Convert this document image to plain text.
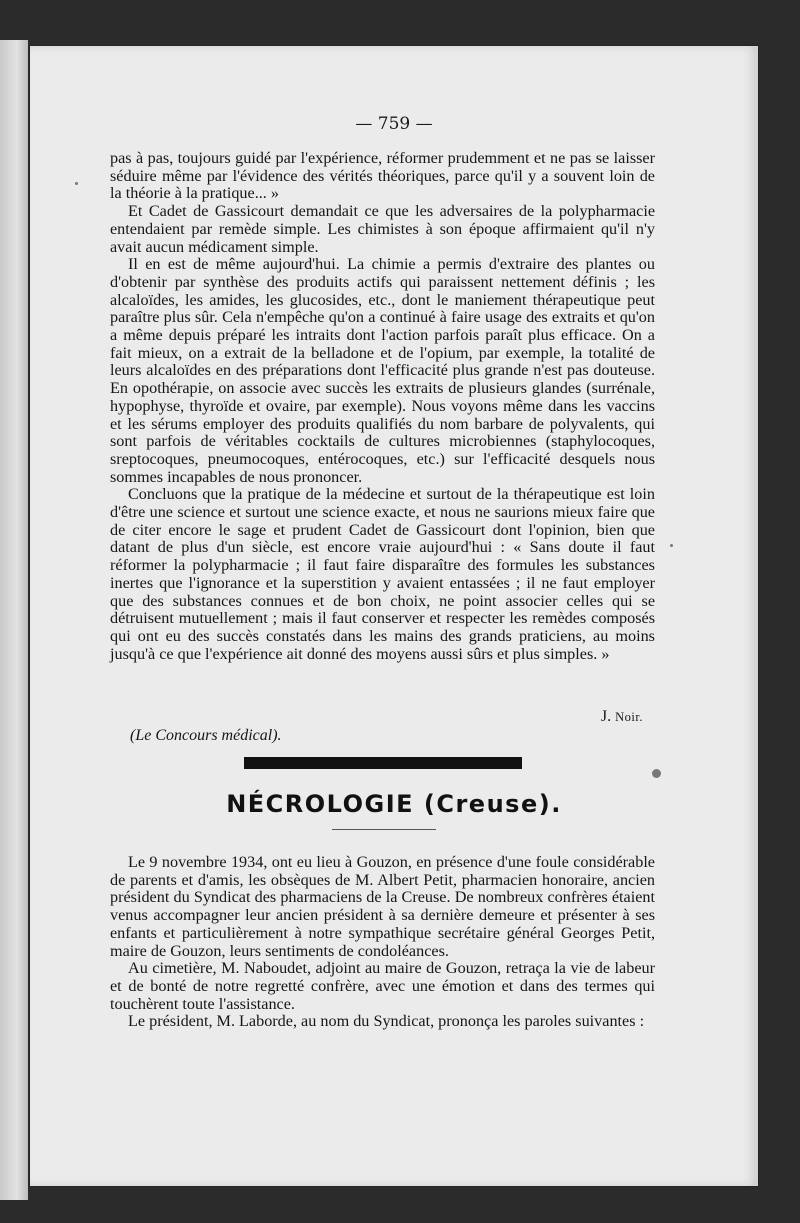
— 759 —

pas à pas, toujours guidé par l'expérience, réformer prudemment et ne pas se laisser séduire même par l'évidence des vérités théoriques, parce qu'il y a souvent loin de la théorie à la pratique... »

Et Cadet de Gassicourt demandait ce que les adversaires de la polypharmacie entendaient par remède simple. Les chimistes à son époque affirmaient qu'il n'y avait aucun médicament simple.

Il en est de même aujourd'hui. La chimie a permis d'extraire des plantes ou d'obtenir par synthèse des produits actifs qui paraissent nettement définis ; les alcaloïdes, les amides, les glucosides, etc., dont le maniement thérapeutique peut paraître plus sûr. Cela n'empêche qu'on a continué à faire usage des extraits et qu'on a même depuis préparé les intraits dont l'action parfois paraît plus efficace. On a fait mieux, on a extrait de la belladone et de l'opium, par exemple, la totalité de leurs alcaloïdes en des préparations dont l'efficacité plus grande n'est pas douteuse. En opothérapie, on associe avec succès les extraits de plusieurs glandes (surrénale, hypophyse, thyroïde et ovaire, par exemple). Nous voyons même dans les vaccins et les sérums employer des produits qualifiés du nom barbare de polyvalents, qui sont parfois de véritables cocktails de cultures microbiennes (staphylocoques, sreptocoques, pneumocoques, entérocoques, etc.) sur l'efficacité desquels nous sommes incapables de nous prononcer.

Concluons que la pratique de la médecine et surtout de la thérapeutique est loin d'être une science et surtout une science exacte, et nous ne saurions mieux faire que de citer encore le sage et prudent Cadet de Gassicourt dont l'opinion, bien que datant de plus d'un siècle, est encore vraie aujourd'hui : « Sans doute il faut réformer la polypharmacie ; il faut faire disparaître des formules les substances inertes que l'ignorance et la superstition y avaient entassées ; il ne faut employer que des substances connues et de bon choix, ne point associer celles qui se détruisent mutuellement ; mais il faut conserver et respecter les remèdes composés qui ont eu des succès constatés dans les mains des grands praticiens, au moins jusqu'à ce que l'expérience ait donné des moyens aussi sûrs et plus simples. »

J. Noir.
(Le Concours médical).
NÉCROLOGIE (Creuse).

Le 9 novembre 1934, ont eu lieu à Gouzon, en présence d'une foule considérable de parents et d'amis, les obsèques de M. Albert Petit, pharmacien honoraire, ancien président du Syndicat des pharmaciens de la Creuse. De nombreux confrères étaient venus accompagner leur ancien président à sa dernière demeure et présenter à ses enfants et particulièrement à notre sympathique secrétaire général Georges Petit, maire de Gouzon, leurs sentiments de condoléances.

Au cimetière, M. Naboudet, adjoint au maire de Gouzon, retraça la vie de labeur et de bonté de notre regretté confrère, avec une émotion et dans des termes qui touchèrent toute l'assistance.

Le président, M. Laborde, au nom du Syndicat, prononça les paroles suivantes :
